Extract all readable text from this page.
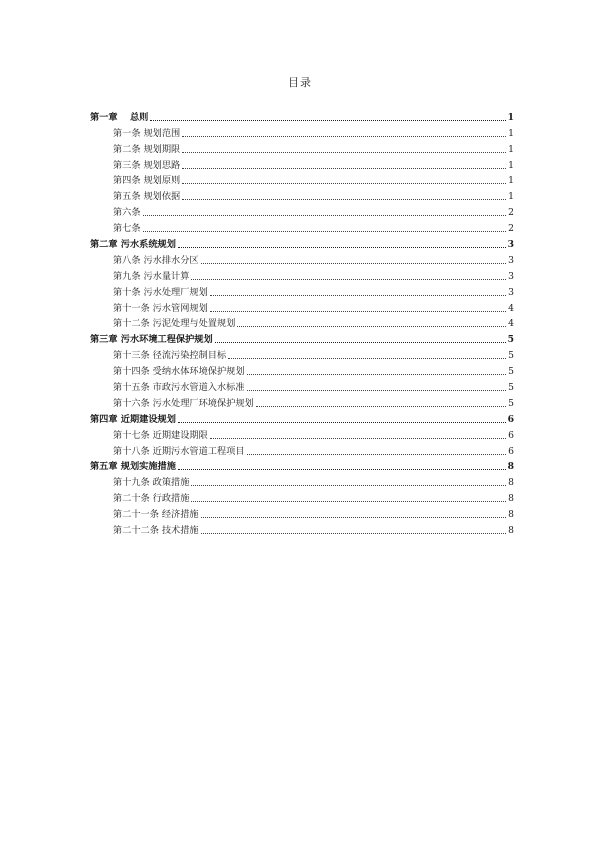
目录
第一章　 总则	1
第一条 规划范围	1
第二条 规划期限	1
第三条 规划思路	1
第四条 规划原则	1
第五条 规划依据	1
第六条	2
第七条	2
第二章 污水系统规划	3
第八条 污水排水分区	3
第九条 污水量计算	3
第十条 污水处理厂规划	3
第十一条 污水管网规划	4
第十二条 污泥处理与处置规划	4
第三章 污水环境工程保护规划	5
第十三条 径流污染控制目标	5
第十四条 受纳水体环境保护规划	5
第十五条 市政污水管道入水标准	5
第十六条 污水处理厂环境保护规划	5
第四章 近期建设规划	6
第十七条 近期建设期限	6
第十八条 近期污水管道工程项目	6
第五章 规划实施措施	8
第十九条 政策措施	8
第二十条 行政措施	8
第二十一条 经济措施	8
第二十二条 技术措施	8
